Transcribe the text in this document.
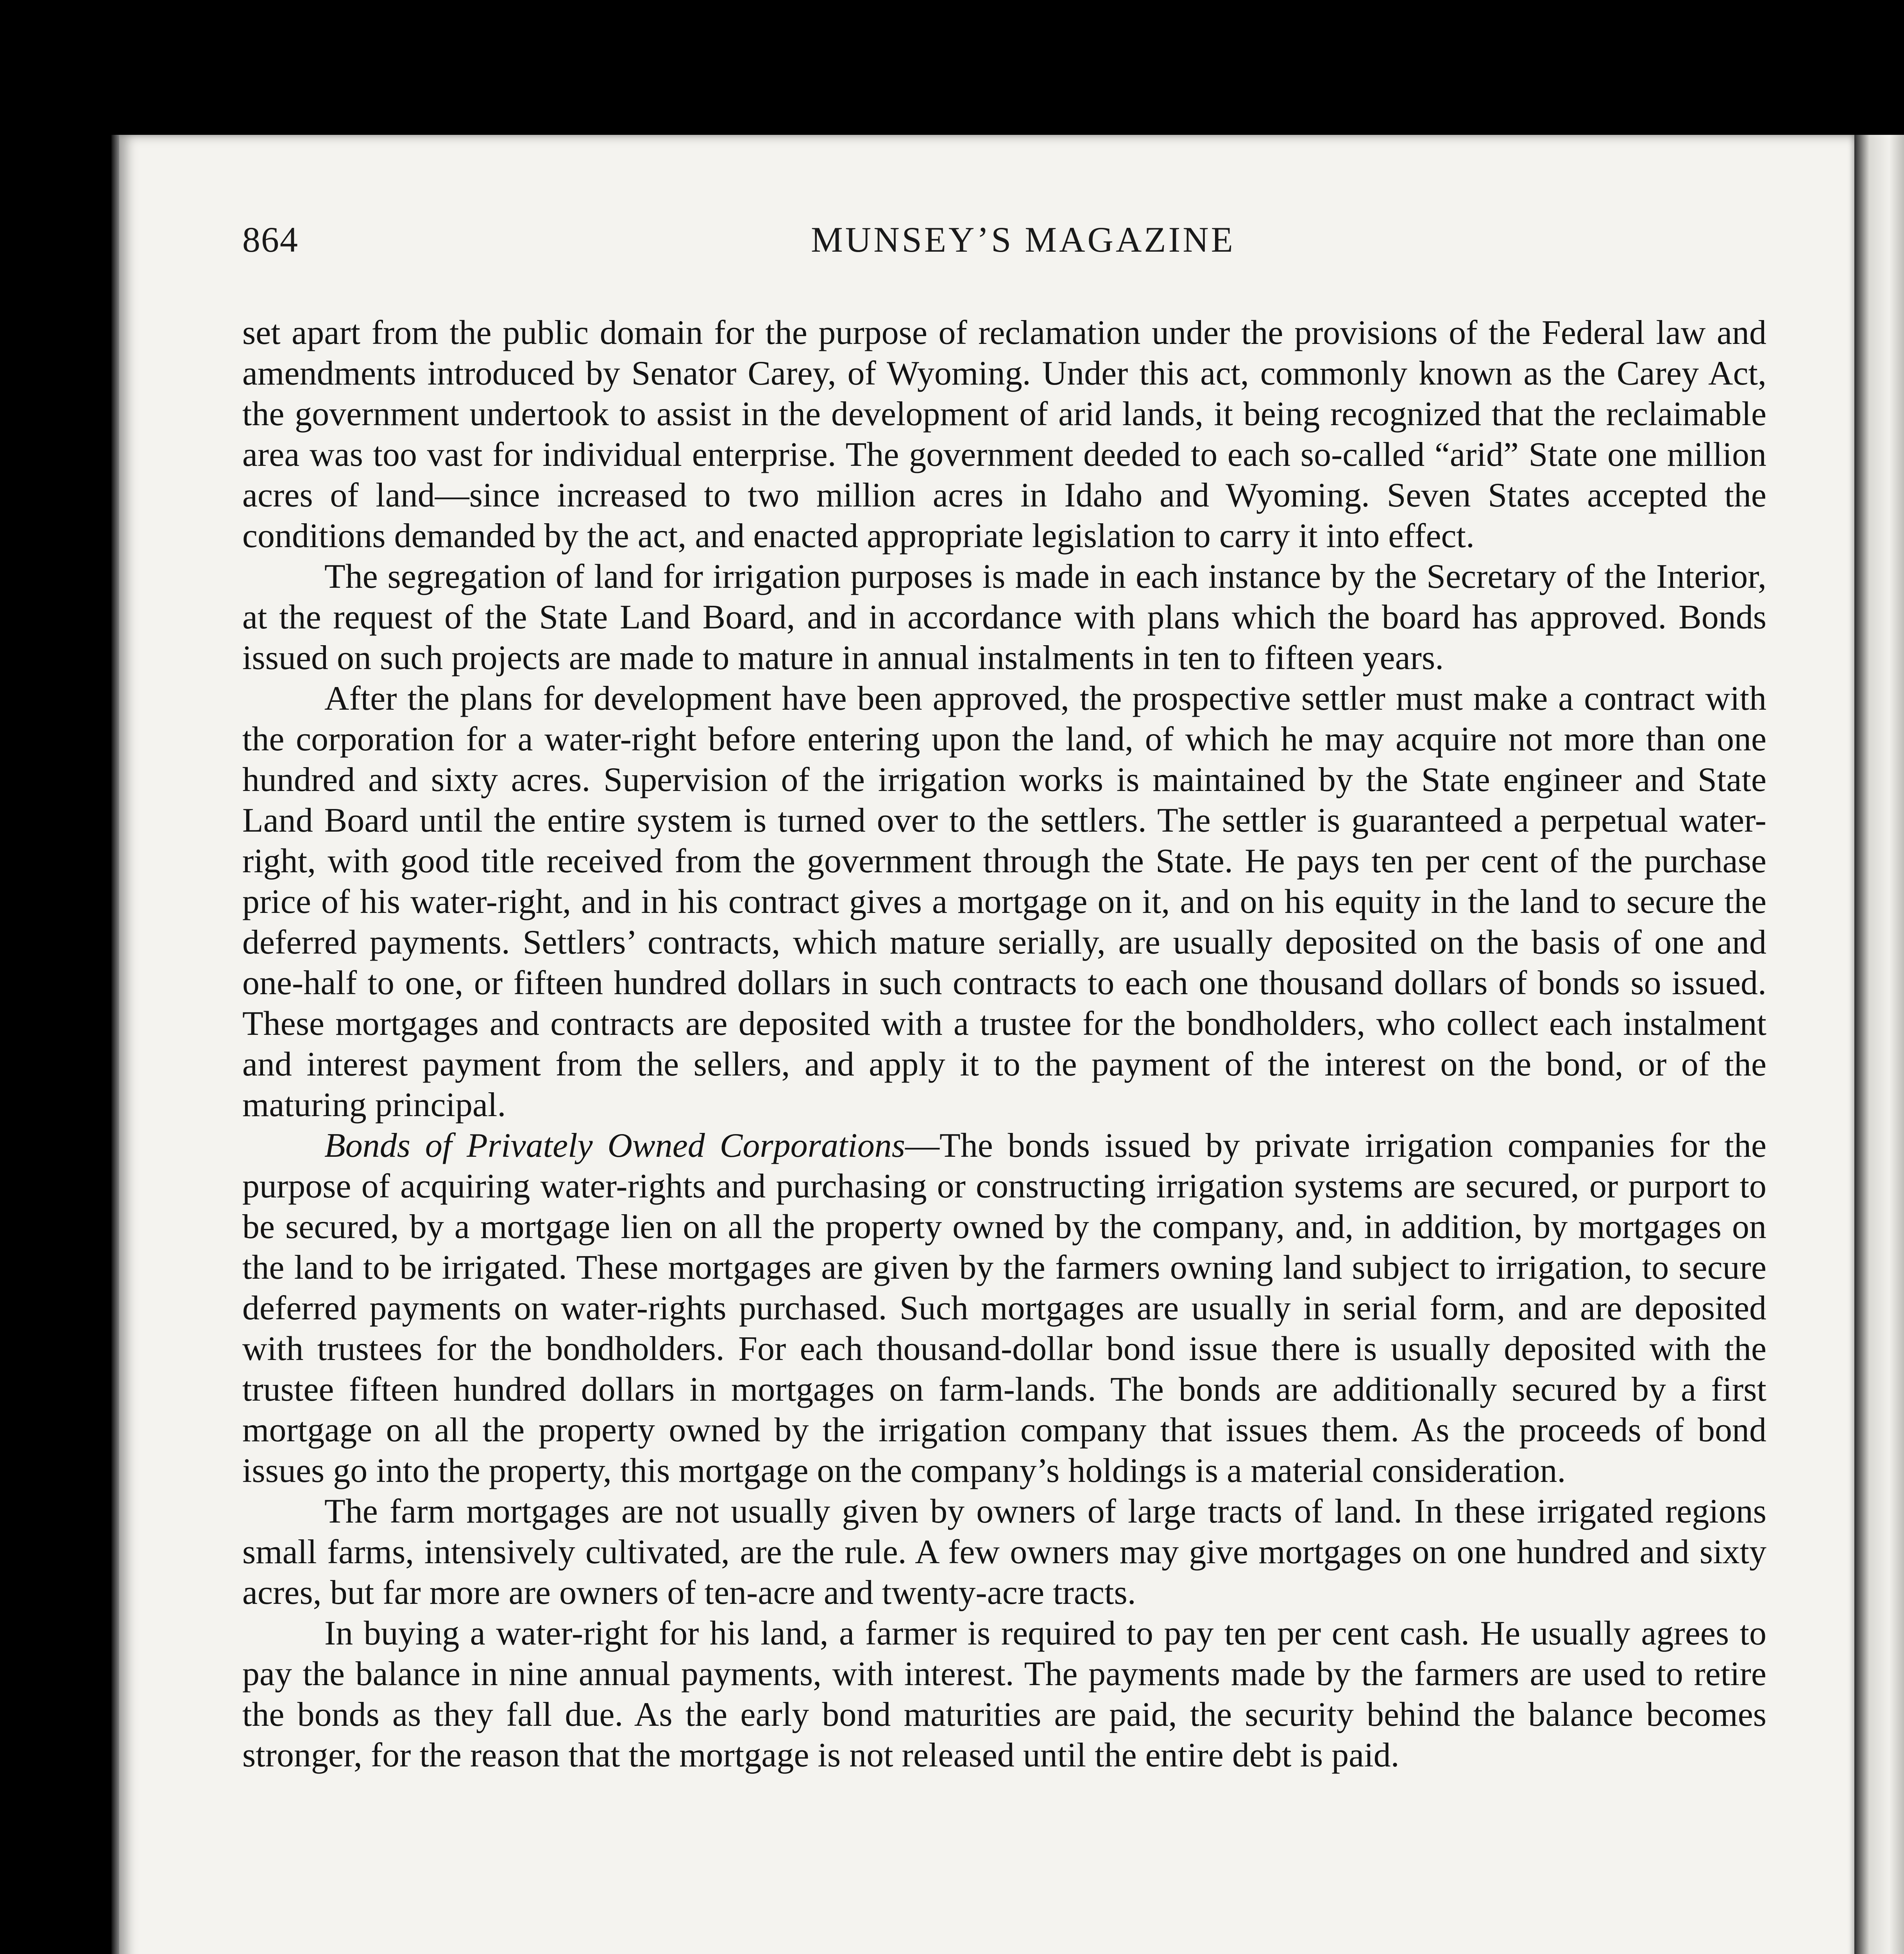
864	MUNSEY’S MAGAZINE

set apart from the public domain for the purpose of reclamation under the provisions of the Federal law and amendments introduced by Senator Carey, of Wyoming. Under this act, commonly known as the Carey Act, the government undertook to assist in the development of arid lands, it being recognized that the reclaimable area was too vast for individual enterprise. The government deeded to each so-called “arid” State one million acres of land—since increased to two million acres in Idaho and Wyoming. Seven States accepted the conditions demanded by the act, and enacted appropriate legislation to carry it into effect.

The segregation of land for irrigation purposes is made in each instance by the Secretary of the Interior, at the request of the State Land Board, and in accordance with plans which the board has approved. Bonds issued on such projects are made to mature in annual instalments in ten to fifteen years.

After the plans for development have been approved, the prospective settler must make a contract with the corporation for a water-right before entering upon the land, of which he may acquire not more than one hundred and sixty acres. Supervision of the irrigation works is maintained by the State engineer and State Land Board until the entire system is turned over to the settlers. The settler is guaranteed a perpetual water-right, with good title received from the government through the State. He pays ten per cent of the purchase price of his water-right, and in his contract gives a mortgage on it, and on his equity in the land to secure the deferred payments. Settlers’ contracts, which mature serially, are usually deposited on the basis of one and one-half to one, or fifteen hundred dollars in such contracts to each one thousand dollars of bonds so issued. These mortgages and contracts are deposited with a trustee for the bondholders, who collect each instalment and interest payment from the sellers, and apply it to the payment of the interest on the bond, or of the maturing principal.

Bonds of Privately Owned Corporations—The bonds issued by private irrigation companies for the purpose of acquiring water-rights and purchasing or constructing irrigation systems are secured, or purport to be secured, by a mortgage lien on all the property owned by the company, and, in addition, by mortgages on the land to be irrigated. These mortgages are given by the farmers owning land subject to irrigation, to secure deferred payments on water-rights purchased. Such mortgages are usually in serial form, and are deposited with trustees for the bondholders. For each thousand-dollar bond issue there is usually deposited with the trustee fifteen hundred dollars in mortgages on farm-lands. The bonds are additionally secured by a first mortgage on all the property owned by the irrigation company that issues them. As the proceeds of bond issues go into the property, this mortgage on the company’s holdings is a material consideration.

The farm mortgages are not usually given by owners of large tracts of land. In these irrigated regions small farms, intensively cultivated, are the rule. A few owners may give mortgages on one hundred and sixty acres, but far more are owners of ten-acre and twenty-acre tracts.

In buying a water-right for his land, a farmer is required to pay ten per cent cash. He usually agrees to pay the balance in nine annual payments, with interest. The payments made by the farmers are used to retire the bonds as they fall due. As the early bond maturities are paid, the security behind the balance becomes stronger, for the reason that the mortgage is not released until the entire debt is paid.
